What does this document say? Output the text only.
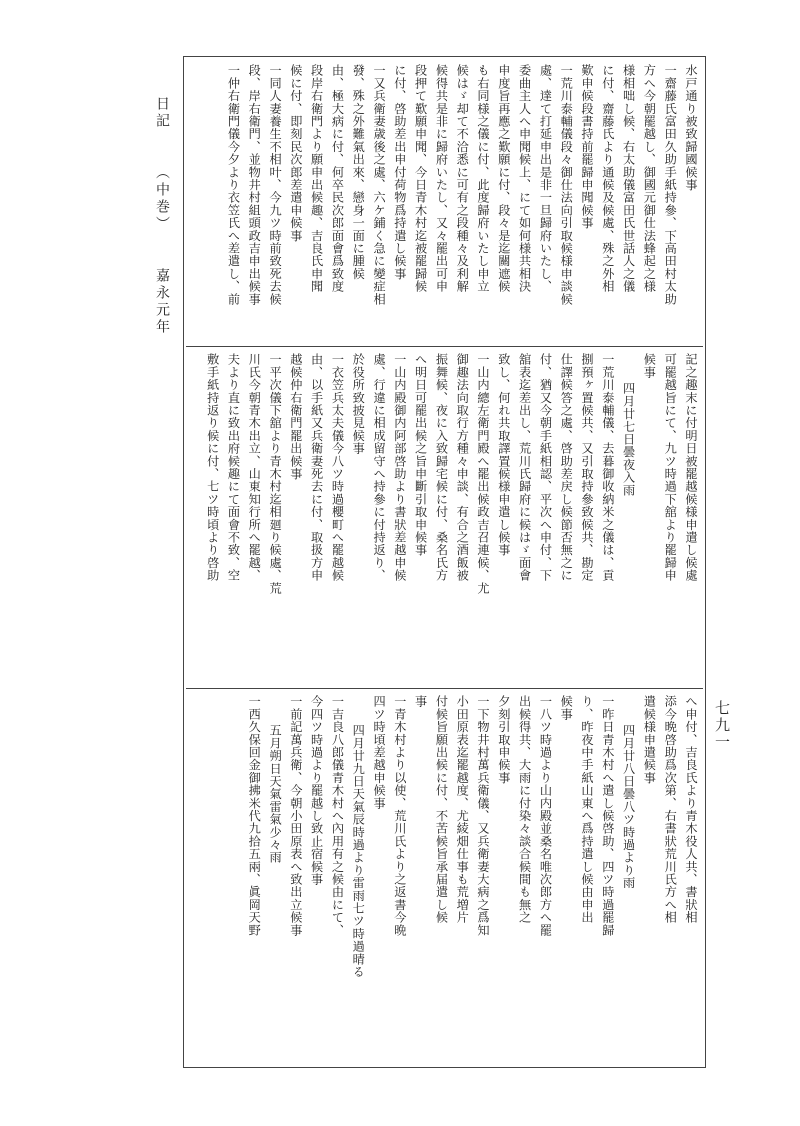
日記
（中巻）
嘉永元年
七九一
水戸通り被致歸國候事
一齋藤氏富田久助手紙持參、下高田村太助
方へ今朝罷越し、御國元御仕法蜂起之様
様相咄し候、右太助儀富田氏世話人之儀
に付、齋藤氏より通候及候處、殊之外相
歎申候段書持前罷歸申聞候事
一荒川泰輔儀段々御仕法向引取候様申談候
處、達て打延申出是非一旦歸府いたし、
委曲主人へ申聞候上、にて如何様共相決
申度旨再應之歎願に付、段々是迄關遮候
も右同様之儀に付、此度歸府いたし申立
候はゞ却て不洽悉に可有之段種々及利解
候得共是非に歸府いたし、又々罷出可申
段押て歎願申聞、今日青木村迄被罷歸候
に付、啓助差出申付荷物爲持遣し候事
一又兵衛妻歳後之處、六ケ鋪く急に變症相
發、殊之外難氣出來、戀身一面に腫候
由、極大病に付、何卒民次郎面會爲致度
段岸右衛門より願申出候趣、吉良氏申聞
候に付、即刻民次郎差遣申候事
一同人妻養生不相叶、今九ツ時前致死去候
段、岸右衛門、並物井村組頭政吉申出候事
一仲右衛門儀今夕より衣笠氏へ差遣し、前
記之趣末に付明日被罷越候様申遣し候處
可罷越旨にて、九ツ時過下舘より罷歸申
候事
四月廿七日曇夜入雨
一荒川泰輔儀、去暮御收納米之儀は、貢
捌預ヶ置候共、又引取持參致候共、勘定
仕譯候答之處、啓助差戻し候節否無之に
付、猶又今朝手紙相認、平次へ申付、下
舘表迄差出し、荒川氏歸府に候はゞ面會
致し、何れ共取譯置候様申遣し候事
一山内總左衛門殿へ罷出候政吉召連候、尤
御趣法向取行方種々申談、有合之酒飯被
振舞候、夜に入致歸宅候に付、桑名氏方
へ明日可罷出候之旨申斷引取申候事
一山内殿御内阿部啓助より書狀差越申候
處、行違に相成留守へ持參に付持返り、
於役所致披見候事
一衣笠兵太夫儀今八ツ時過櫻町へ罷越候
由、以手紙又兵衛妻死去に付、取扱方申
越候仲右衛門罷出候事
一平次儀下舘より青木村迄相廻り候處、荒
川氏今朝青木出立、山東知行所へ罷越、
夫より直に致出府候趣にて面會不致、空
敷手紙持返り候に付、七ツ時頃より啓助
へ申付、吉良氏より青木役人共、書狀相
添今晩啓助爲次第、右書狀荒川氏方へ相
遣候様申遣候事
四月廿八日曇八ツ時過より雨
一昨日青木村へ遣し候啓助、四ツ時過罷歸
り、昨夜中手紙山東へ爲持遣し候由申出
候事
一八ツ時過より山内殿並桑名唯次郎方へ罷
出候得共、大雨に付染々談合候間も無之
夕刻引取申候事
一下物井村萬兵衛儀、又兵衛妻大病之爲知
小田原表迄罷越度、尤綾畑仕事も荒増片
付候旨願出候に付、不苦候旨承届遣し候
事
一青木村より以使、荒川氏より之返書今晩
四ツ時頃差越申候事
四月廿九日天氣辰時過より雷雨七ツ時過晴る
一吉良八郎儀青木村へ內用有之候由にて、
今四ツ時過より罷越し致止宿候事
一前記萬兵衛、今朝小田原表へ致出立候事
五月朔日天氣雷氣少々雨
一西久保回金御拂米代九拾五兩、眞岡天野
